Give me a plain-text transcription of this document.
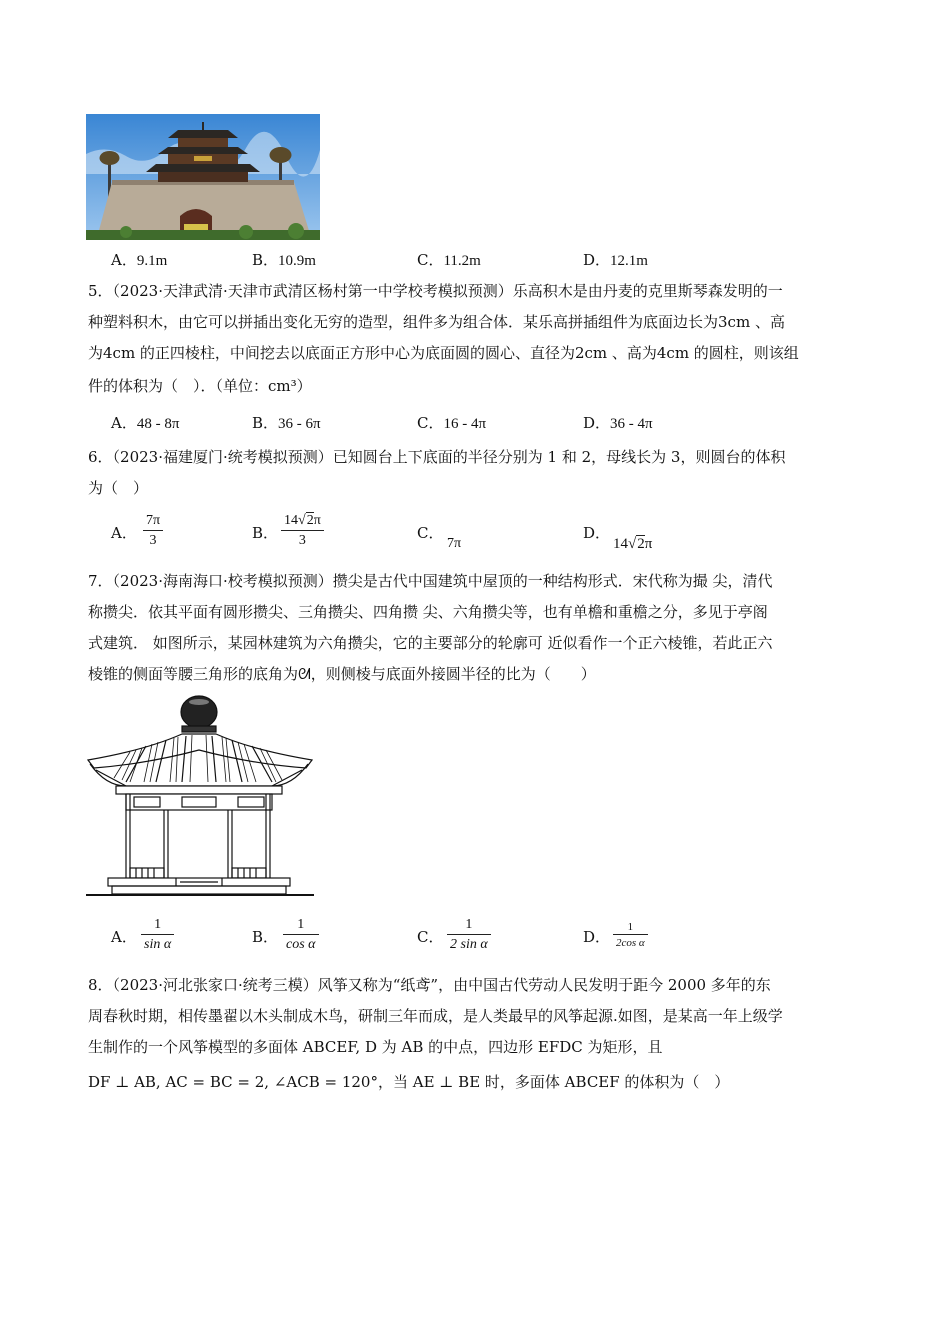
A．9.1m	B．10.9m	C．11.2m	D．12.1m
5．（2023·天津武清·天津市武清区杨村第一中学校考模拟预测）乐高积木是由丹麦的克里斯琴森发明的一
种塑料积木，由它可以拼插出变化无穷的造型，组件多为组合体．某乐高拼插组件为底面边长为3cm 、高
为4cm 的正四棱柱，中间挖去以底面正方形中心为底面圆的圆心、直径为2cm 、高为4cm 的圆柱，则该组
件的体积为（　）．（单位：cm³）
A．48 - 8π	B．36 - 6π	C．16 - 4π	D．36 - 4π
6．（2023·福建厦门·统考模拟预测）已知圆台上下底面的半径分别为 1 和 2，母线长为 3，则圆台的体积
为（　）
A． $\frac{7\pi}{3}$	B． $\frac{14√2\pi}{3}$	C．
7π
D．
14√2π
7．（2023·海南海口·校考模拟预测）攒尖是古代中国建筑中屋顶的一种结构形式．宋代称为撮 尖，清代
称攒尖．依其平面有圆形攒尖、三角攒尖、四角攒 尖、六角攒尖等，也有单檐和重檐之分，多见于亭阁
式建筑． 如图所示，某园林建筑为六角攒尖，它的主要部分的轮廓可 近似看作一个正六棱锥，若此正六
棱锥的侧面等腰三角形的底角为ᘛ，则侧棱与底面外接圆半径的比为（　　）
A． $\frac{1}{\text{sin α}}$	B． $\frac{1}{\text{cos α}}$	C． $\frac{1}{\text{2 sin α}}$	D． $\frac{1}{\text{2cos α}}$
8．（2023·河北张家口·统考三模）风筝又称为“纸鸢”，由中国古代劳动人民发明于距今 2000 多年的东
周春秋时期，相传墨翟以木头制成木鸟，研制三年而成，是人类最早的风筝起源.如图，是某高一年上级学
生制作的一个风筝模型的多面体 ABCEF, D 为 AB 的中点，四边形 EFDC 为矩形，且
DF ⊥ AB, AC = BC = 2, ∠ACB = 120°，当 AE ⊥ BE 时，多面体 ABCEF 的体积为（　）
